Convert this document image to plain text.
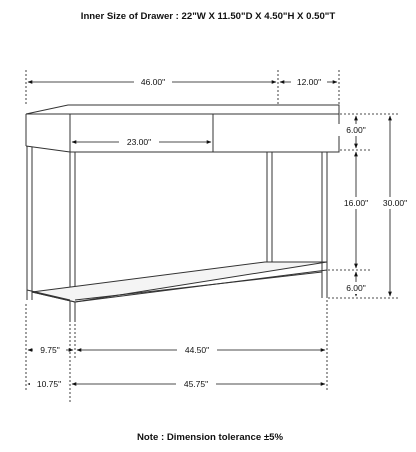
Inner Size of Drawer : 22"W X 11.50"D X 4.50"H X 0.50"T
46.00"	12.00"
23.00"
6.00"
16.00"
6.00"
30.00"
9.75"	44.50"
10.75"	45.75"
Note : Dimension tolerance ±5%
